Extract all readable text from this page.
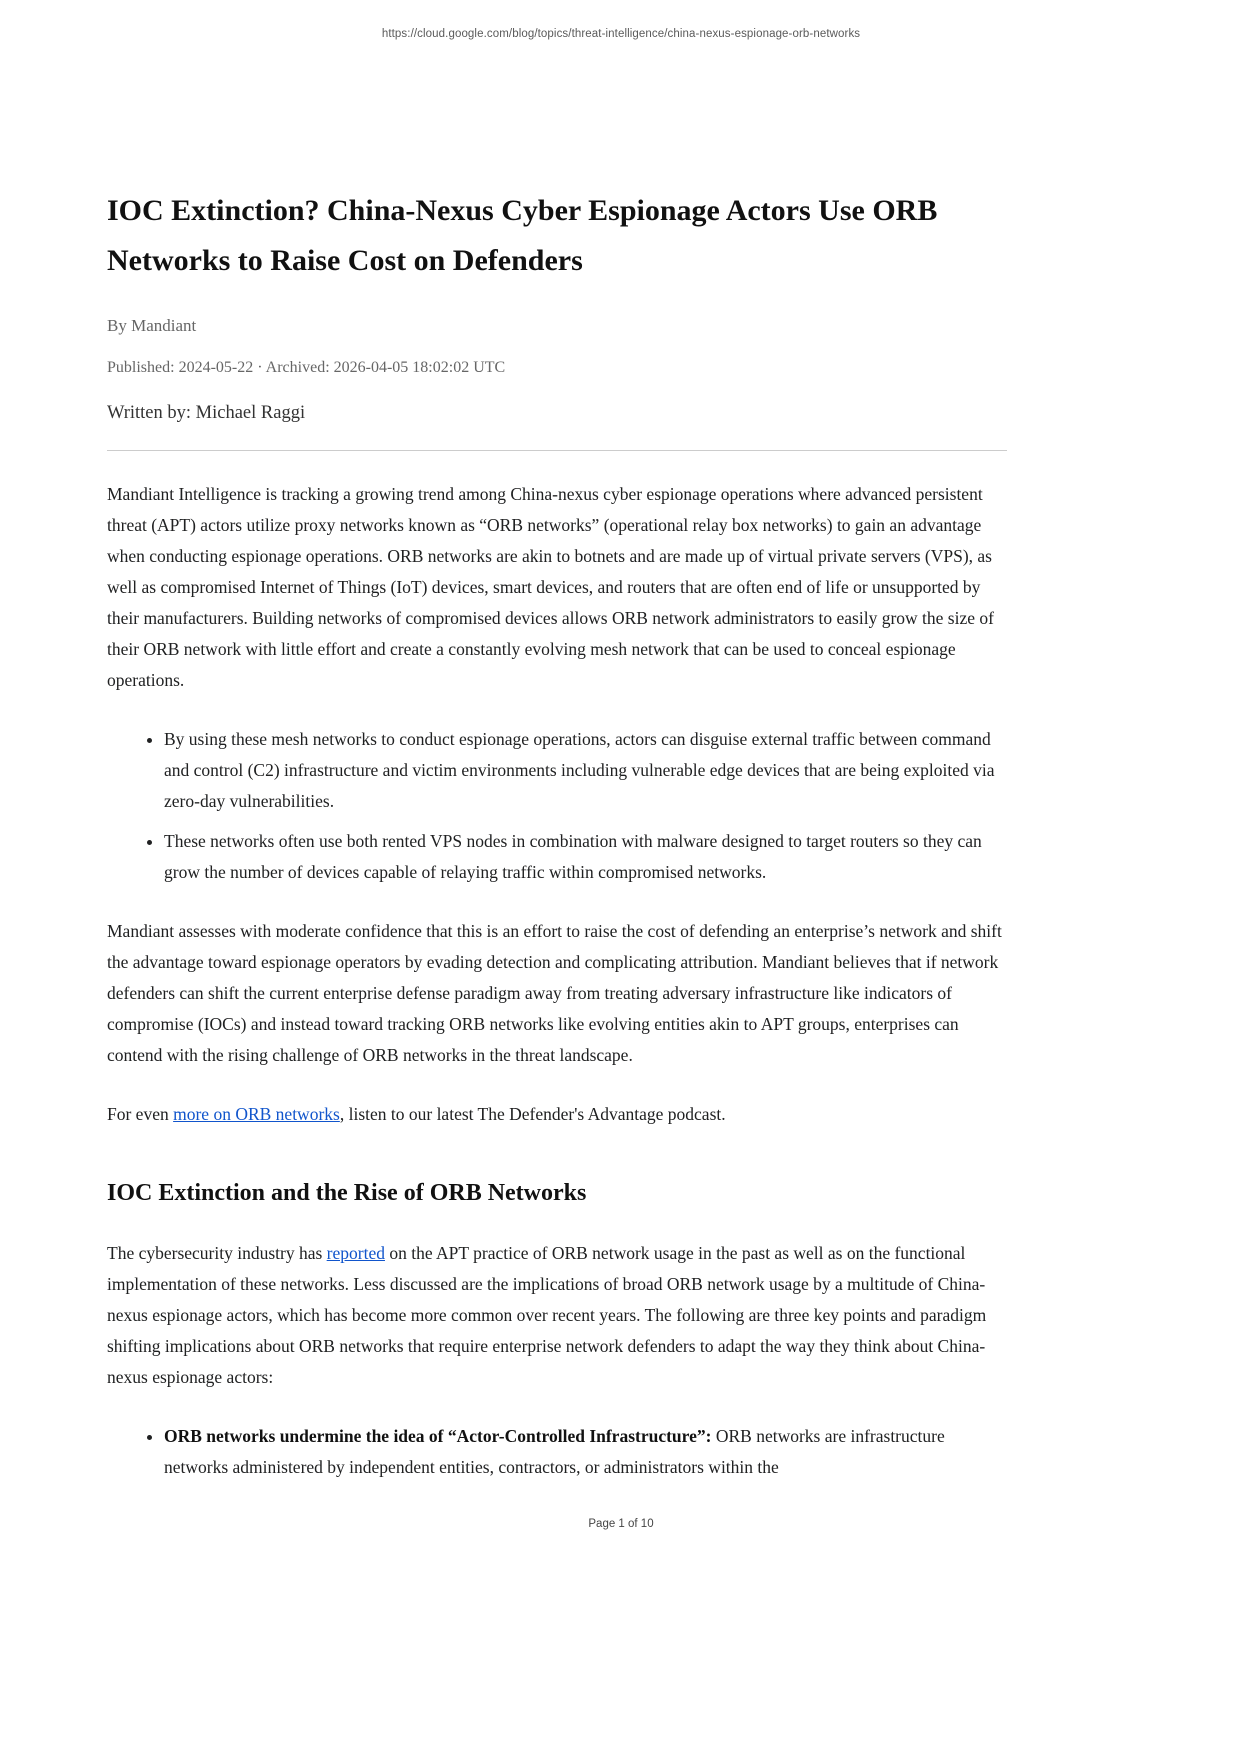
https://cloud.google.com/blog/topics/threat-intelligence/china-nexus-espionage-orb-networks
IOC Extinction? China-Nexus Cyber Espionage Actors Use ORB Networks to Raise Cost on Defenders
By Mandiant
Published: 2024-05-22 · Archived: 2026-04-05 18:02:02 UTC
Written by: Michael Raggi

Mandiant Intelligence is tracking a growing trend among China-nexus cyber espionage operations where advanced persistent threat (APT) actors utilize proxy networks known as “ORB networks” (operational relay box networks) to gain an advantage when conducting espionage operations. ORB networks are akin to botnets and are made up of virtual private servers (VPS), as well as compromised Internet of Things (IoT) devices, smart devices, and routers that are often end of life or unsupported by their manufacturers. Building networks of compromised devices allows ORB network administrators to easily grow the size of their ORB network with little effort and create a constantly evolving mesh network that can be used to conceal espionage operations.

• By using these mesh networks to conduct espionage operations, actors can disguise external traffic between command and control (C2) infrastructure and victim environments including vulnerable edge devices that are being exploited via zero-day vulnerabilities.
• These networks often use both rented VPS nodes in combination with malware designed to target routers so they can grow the number of devices capable of relaying traffic within compromised networks.

Mandiant assesses with moderate confidence that this is an effort to raise the cost of defending an enterprise’s network and shift the advantage toward espionage operators by evading detection and complicating attribution. Mandiant believes that if network defenders can shift the current enterprise defense paradigm away from treating adversary infrastructure like indicators of compromise (IOCs) and instead toward tracking ORB networks like evolving entities akin to APT groups, enterprises can contend with the rising challenge of ORB networks in the threat landscape.

For even more on ORB networks, listen to our latest The Defender's Advantage podcast.

IOC Extinction and the Rise of ORB Networks

The cybersecurity industry has reported on the APT practice of ORB network usage in the past as well as on the functional implementation of these networks. Less discussed are the implications of broad ORB network usage by a multitude of China-nexus espionage actors, which has become more common over recent years. The following are three key points and paradigm shifting implications about ORB networks that require enterprise network defenders to adapt the way they think about China-nexus espionage actors:

• ORB networks undermine the idea of “Actor-Controlled Infrastructure”: ORB networks are infrastructure networks administered by independent entities, contractors, or administrators within the
Page 1 of 10
